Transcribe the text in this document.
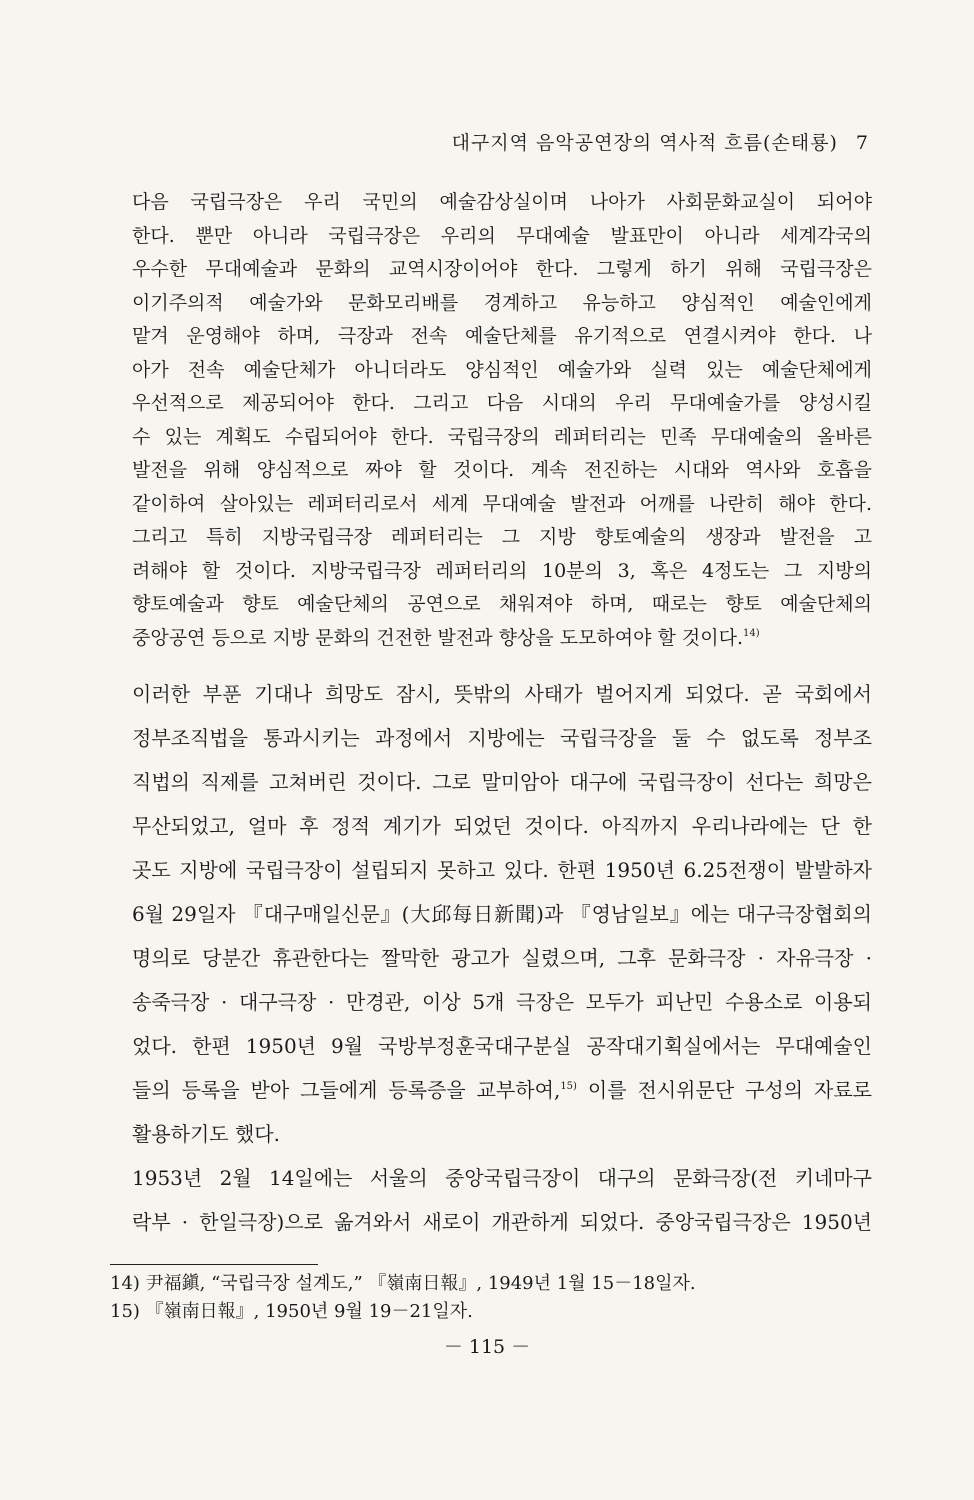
대구지역 음악공연장의 역사적 흐름(손태룡) 7
다음 국립극장은 우리 국민의 예술감상실이며 나아가 사회문화교실이 되어야
한다. 뿐만 아니라 국립극장은 우리의 무대예술 발표만이 아니라 세계각국의
우수한 무대예술과 문화의 교역시장이어야 한다. 그렇게 하기 위해 국립극장은
이기주의적 예술가와 문화모리배를 경계하고 유능하고 양심적인 예술인에게
맡겨 운영해야 하며, 극장과 전속 예술단체를 유기적으로 연결시켜야 한다. 나
아가 전속 예술단체가 아니더라도 양심적인 예술가와 실력 있는 예술단체에게
우선적으로 제공되어야 한다. 그리고 다음 시대의 우리 무대예술가를 양성시킬
수 있는 계획도 수립되어야 한다. 국립극장의 레퍼터리는 민족 무대예술의 올바른
발전을 위해 양심적으로 짜야 할 것이다. 계속 전진하는 시대와 역사와 호흡을
같이하여 살아있는 레퍼터리로서 세계 무대예술 발전과 어깨를 나란히 해야 한다.
그리고 특히 지방국립극장 레퍼터리는 그 지방 향토예술의 생장과 발전을 고
려해야 할 것이다. 지방국립극장 레퍼터리의 10분의 3, 혹은 4정도는 그 지방의
향토예술과 향토 예술단체의 공연으로 채워져야 하며, 때로는 향토 예술단체의
중앙공연 등으로 지방 문화의 건전한 발전과 향상을 도모하여야 할 것이다.$^{14)}$
이러한 부푼 기대나 희망도 잠시, 뜻밖의 사태가 벌어지게 되었다. 곧 국회에서
정부조직법을 통과시키는 과정에서 지방에는 국립극장을 둘 수 없도록 정부조
직법의 직제를 고쳐버린 것이다. 그로 말미암아 대구에 국립극장이 선다는 희망은
무산되었고, 얼마 후 정적 계기가 되었던 것이다. 아직까지 우리나라에는 단 한
곳도 지방에 국립극장이 설립되지 못하고 있다. 한편 1950년 6.25전쟁이 발발하자
6월 29일자 『대구매일신문』(大邱每日新聞)과 『영남일보』에는 대구극장협회의
명의로 당분간 휴관한다는 짤막한 광고가 실렸으며, 그후 문화극장 · 자유극장 ·
송죽극장 · 대구극장 · 만경관, 이상 5개 극장은 모두가 피난민 수용소로 이용되
었다. 한편 1950년 9월 국방부정훈국대구분실 공작대기획실에서는 무대예술인
들의 등록을 받아 그들에게 등록증을 교부하여,$^{15)}$ 이를 전시위문단 구성의 자료로
활용하기도 했다.
1953년 2월 14일에는 서울의 중앙국립극장이 대구의 문화극장(전 키네마구
락부 · 한일극장)으로 옮겨와서 새로이 개관하게 되었다. 중앙국립극장은 1950년
14) 尹福鎭, “국립극장 설계도,” 『嶺南日報』, 1949년 1월 15－18일자.
15) 『嶺南日報』, 1950년 9월 19－21일자.
－ 115 －
